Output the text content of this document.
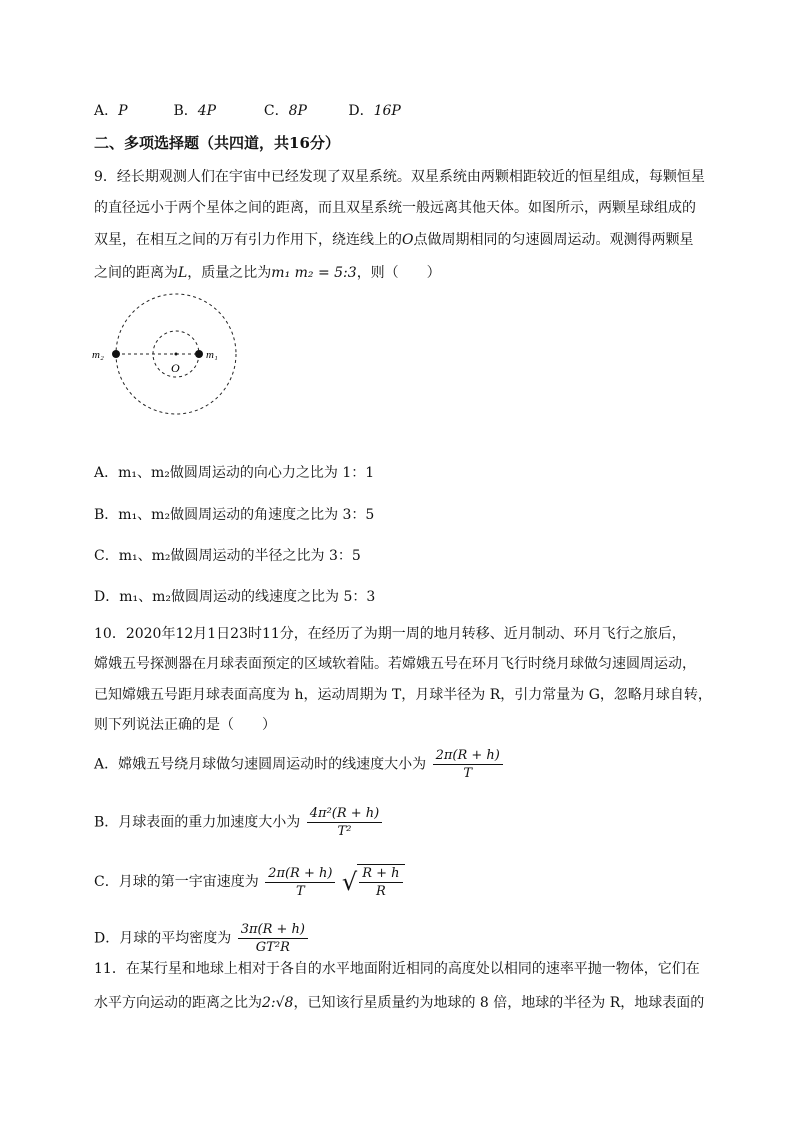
A．P	B．4P	C．8P	D．16P
二、多项选择题（共四道，共16分）
9．经长期观测人们在宇宙中已经发现了双星系统。双星系统由两颗相距较近的恒星组成，每颗恒星
的直径远小于两个星体之间的距离，而且双星系统一般远离其他天体。如图所示，两颗星球组成的
双星，在相互之间的万有引力作用下，绕连线上的O点做周期相同的匀速圆周运动。观测得两颗星
之间的距离为L，质量之比为m₁ m₂ = 5:3，则（　　）
m₂	m₁
O
A．m₁、m₂做圆周运动的向心力之比为 1：1
B．m₁、m₂做圆周运动的角速度之比为 3：5
C．m₁、m₂做圆周运动的半径之比为 3：5
D．m₁、m₂做圆周运动的线速度之比为 5：3
10．2020年12月1日23时11分，在经历了为期一周的地月转移、近月制动、环月飞行之旅后，
嫦娥五号探测器在月球表面预定的区域软着陆。若嫦娥五号在环月飞行时绕月球做匀速圆周运动，
已知嫦娥五号距月球表面高度为 h，运动周期为 T，月球半径为 R，引力常量为 G，忽略月球自转，
则下列说法正确的是（　　）
A．嫦娥五号绕月球做匀速圆周运动时的线速度大小为 $\frac{2\pi(R + h)}{T}$
B．月球表面的重力加速度大小为 $\frac{\text{4π²(R + h)}}{\text{T²}}$
C．月球的第一宇宙速度为 $\frac{2\pi(R + h)}{T}$
√ $\frac{R + h}{R}$
D．月球的平均密度为 $\frac{3\pi(R + h)}{\text{GT²R}}$
11．在某行星和地球上相对于各自的水平地面附近相同的高度处以相同的速率平抛一物体，它们在
水平方向运动的距离之比为2:√8，已知该行星质量约为地球的 8 倍，地球的半径为 R，地球表面的
